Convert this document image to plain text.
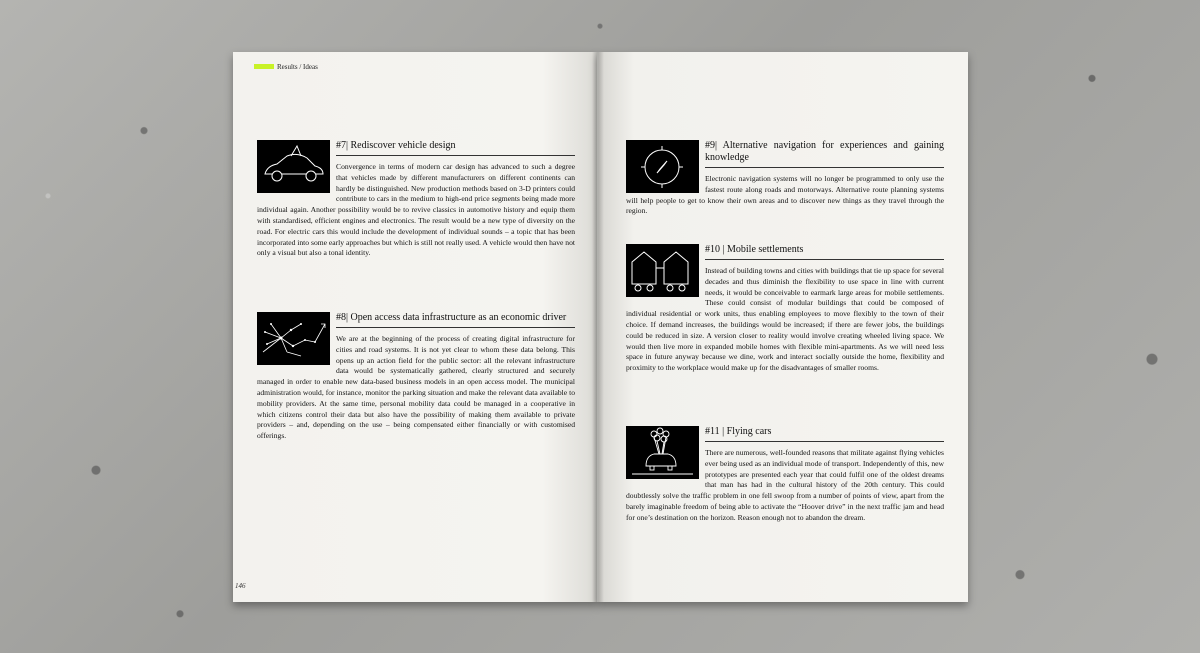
Results / Ideas
#7| Rediscover vehicle design

Convergence in terms of modern car design has advanced to such a degree that vehicles made by different manufacturers on different continents can hardly be distinguished. New production methods based on 3-D printers could contribute to cars in the medium to high-end price segments being made more individual again. Another possibility would be to revive classics in automotive history and equip them with standardised, efficient engines and electronics. The result would be a new type of diversity on the road. For electric cars this would include the development of individual sounds – a topic that has been incorporated into some early approaches but which is still not really used. A vehicle would then have not only a visual but also a tonal identity.

#8| Open access data infrastructure as an economic driver

We are at the beginning of the process of creating digital infrastructure for cities and road systems. It is not yet clear to whom these data belong. This opens up an action field for the public sector: all the relevant infrastructure data would be systematically gathered, clearly structured and securely managed in order to enable new data-based business models in an open access model. The municipal administration would, for instance, monitor the parking situation and make the relevant data available to mobility providers. At the same time, personal mobility data could be managed in a cooperative in which citizens control their data but also have the possibility of making them available to private providers – and, depending on the use – being compensated either financially or with customised offerings.

146
#9| Alternative navigation for experiences and gaining knowledge

Electronic navigation systems will no longer be programmed to only use the fastest route along roads and motorways. Alternative route planning systems will help people to get to know their own areas and to discover new things as they travel through the region.

#10 | Mobile settlements

Instead of building towns and cities with buildings that tie up space for several decades and thus diminish the flexibility to use space in line with current needs, it would be conceivable to earmark large areas for mobile settlements. These could consist of modular buildings that could be composed of individual residential or work units, thus enabling employees to move flexibly to the town of their choice. If demand increases, the buildings would be increased; if there are fewer jobs, the buildings could be reduced in size. A version closer to reality would involve creating wheeled living space. We would then live more in expanded mobile homes with flexible mini-apartments. As we will need less space in future anyway because we dine, work and interact socially outside the home, flexibility and proximity to the workplace would make up for the disadvantages of smaller rooms.

#11 | Flying cars

There are numerous, well-founded reasons that militate against flying vehicles ever being used as an individual mode of transport. Independently of this, new prototypes are presented each year that could fulfil one of the oldest dreams that man has had in the cultural history of the 20th century. This could doubtlessly solve the traffic problem in one fell swoop from a number of points of view, apart from the barely imaginable freedom of being able to activate the “Hoover drive” in the next traffic jam and head for one’s destination on the horizon. Reason enough not to abandon the dream.
